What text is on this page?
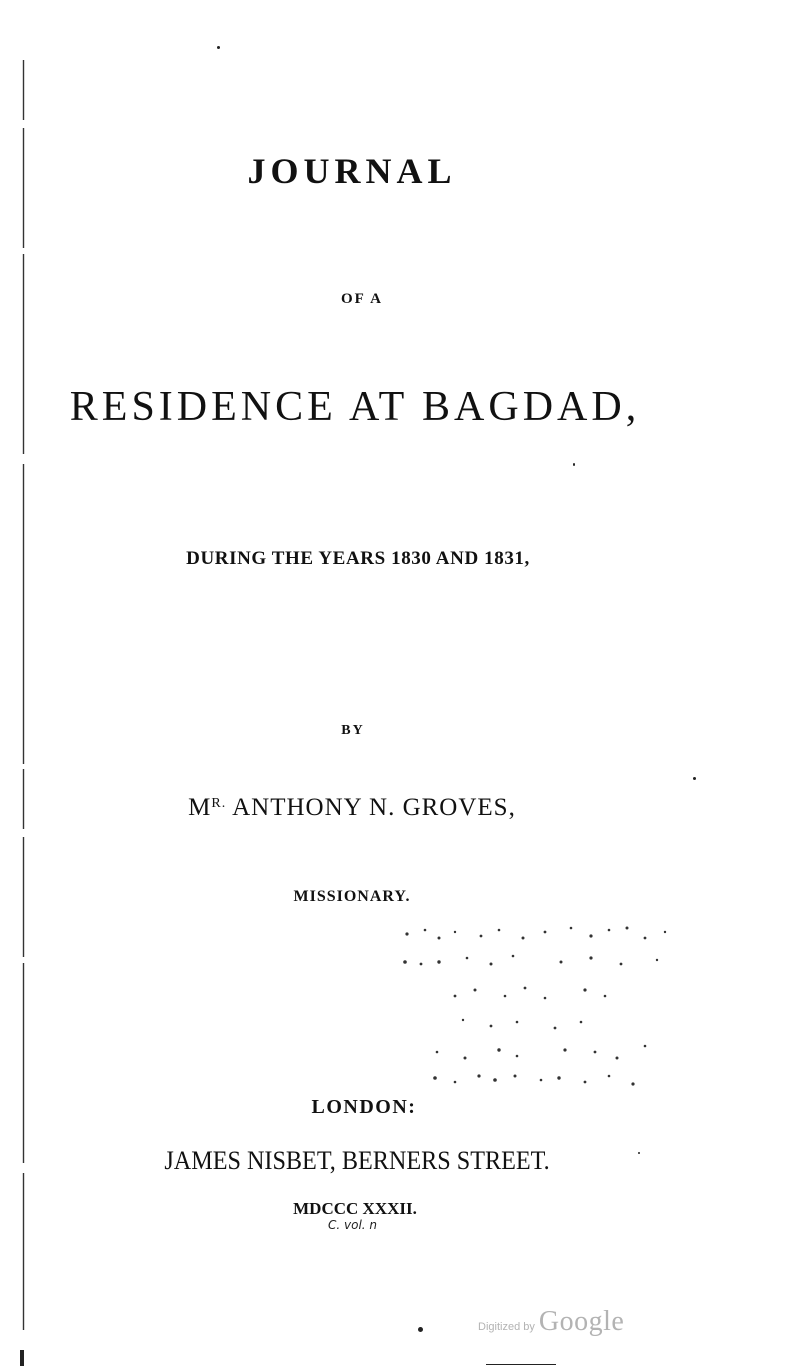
JOURNAL
OF A
RESIDENCE AT BAGDAD,
DURING THE YEARS 1830 AND 1831,
BY
$M^{R.}$ ANTHONY N. GROVES,
MISSIONARY.
LONDON:
JAMES NISBET, BERNERS STREET.
MDCCC XXXII.
C. vol. n
Digitized by Google
